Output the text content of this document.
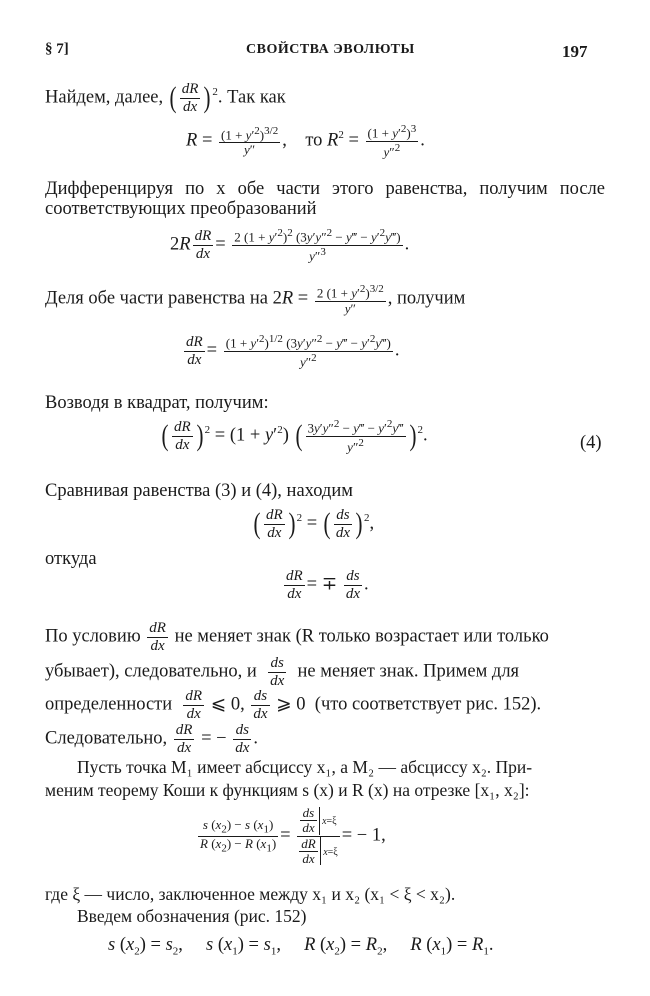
§ 7]	СВОЙСТВА ЭВОЛЮТЫ	197
Найдем, далее, ( $\frac{dR}{dx}$ ) $^2$. Так как
$R = \frac{(1 + y'^2)^{3/2}}{y''}$ ,    то $R^2 = \frac{(1 + y'^2)^3}{y''^2}$ .
Дифференцируя по x обе части этого равенства, получим после
соответствующих преобразований
$2R \frac{dR}{dx} = \frac{2 (1 + y'^2)^2 (3y'y''^2 - y‴ - y'^2y‴)}{y''^3}$ .
Деля обе части равенства на $2R = \frac{2 (1 + y'^2)^{3/2}}{y''}$ , получим
$\frac{dR}{dx} = \frac{(1 + y'^2)^{1/2} (3y'y''^2 - y‴ - y'^2y‴)}{y''^2}$ .
Возводя в квадрат, получим:
( $\frac{dR}{dx}$ ) $^2 = (1 + y'^2)$ ( $\frac{3y'y''^2 - y‴ - y'^2y‴}{y''^2}$ ) $^2$.	(4)
Сравнивая равенства (3) и (4), находим
( $\frac{dR}{dx}$ ) $^2$ = ( $\frac{ds}{dx}$ ) $^2$,
откуда
$\frac{dR}{dx}$ = ∓ $\frac{ds}{dx}$ .
По условию $\frac{dR}{dx}$ не меняет знак (R только возрастает или только
убывает), следовательно, и $\frac{ds}{dx}$ не меняет знак. Примем для
определенности $\frac{dR}{dx}$ ⩽ 0, $\frac{ds}{dx}$ ⩾ 0  (что соответствует рис. 152).
Следовательно, $\frac{dR}{dx}$ = − $\frac{ds}{dx}$ .
Пусть точка M₁ имеет абсциссу x₁, а M₂ — абсциссу x₂. При-
меним теорему Коши к функциям s (x) и R (x) на отрезке [x₁, x₂]:
$\frac{s (x_2) - s (x_1)}{R (x_2) - R (x_1)} = \frac{\frac{ds}{dx} x=\xi}{\frac{dR}{dx} x=\xi}$ = − 1,
где ξ — число, заключенное между x₁ и x₂ (x₁ < ξ < x₂).
Введем обозначения (рис. 152)
s $(x_2) = s_2$,     s $(x_1) = s_1$,     R $(x_2) = R_2$,     R $(x_1) = R_1$.
